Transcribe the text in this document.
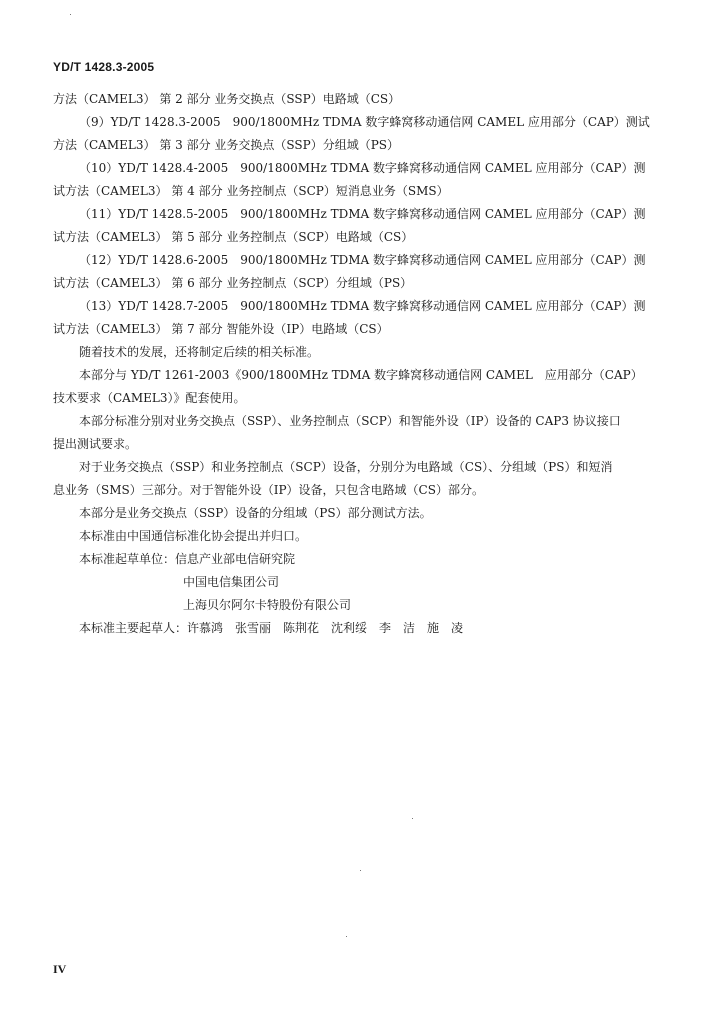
YD/T 1428.3-2005
方法（CAMEL3） 第 2 部分 业务交换点（SSP）电路域（CS）
（9）YD/T 1428.3-2005　900/1800MHz TDMA 数字蜂窝移动通信网 CAMEL 应用部分（CAP）测试
方法（CAMEL3） 第 3 部分 业务交换点（SSP）分组域（PS）
（10）YD/T 1428.4-2005　900/1800MHz TDMA 数字蜂窝移动通信网 CAMEL 应用部分（CAP）测
试方法（CAMEL3） 第 4 部分 业务控制点（SCP）短消息业务（SMS）
（11）YD/T 1428.5-2005　900/1800MHz TDMA 数字蜂窝移动通信网 CAMEL 应用部分（CAP）测
试方法（CAMEL3） 第 5 部分 业务控制点（SCP）电路域（CS）
（12）YD/T 1428.6-2005　900/1800MHz TDMA 数字蜂窝移动通信网 CAMEL 应用部分（CAP）测
试方法（CAMEL3） 第 6 部分 业务控制点（SCP）分组域（PS）
（13）YD/T 1428.7-2005　900/1800MHz TDMA 数字蜂窝移动通信网 CAMEL 应用部分（CAP）测
试方法（CAMEL3） 第 7 部分 智能外设（IP）电路域（CS）
随着技术的发展，还将制定后续的相关标准。
本部分与 YD/T 1261-2003《900/1800MHz TDMA 数字蜂窝移动通信网 CAMEL　应用部分（CAP）
技术要求（CAMEL3）》配套使用。
本部分标准分别对业务交换点（SSP）、业务控制点（SCP）和智能外设（IP）设备的 CAP3 协议接口
提出测试要求。
对于业务交换点（SSP）和业务控制点（SCP）设备，分别分为电路域（CS）、分组域（PS）和短消
息业务（SMS）三部分。对于智能外设（IP）设备，只包含电路域（CS）部分。
本部分是业务交换点（SSP）设备的分组域（PS）部分测试方法。
本标准由中国通信标准化协会提出并归口。
本标准起草单位：信息产业部电信研究院
中国电信集团公司
上海贝尔阿尔卡特股份有限公司
本标准主要起草人：许慕鸿　张雪丽　陈荆花　沈利绥　李　洁　施　凌
IV
